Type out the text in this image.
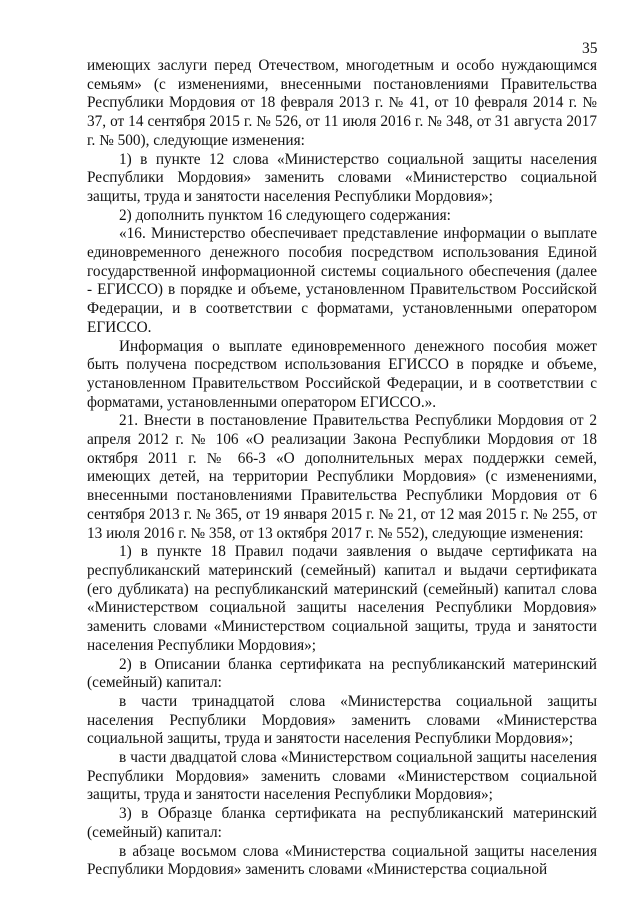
35

имеющих заслуги перед Отечеством, многодетным и особо нуждающимся семьям» (с изменениями, внесенными постановлениями Правительства Республики Мордовия от 18 февраля 2013 г. № 41, от 10 февраля 2014 г. № 37, от 14 сентября 2015 г. № 526, от 11 июля 2016 г. № 348, от 31 августа 2017 г. № 500), следующие изменения:

1) в пункте 12 слова «Министерство социальной защиты населения Республики Мордовия» заменить словами «Министерство социальной защиты, труда и занятости населения Республики Мордовия»;

2) дополнить пунктом 16 следующего содержания:

«16. Министерство обеспечивает представление информации о выплате единовременного денежного пособия посредством использования Единой государственной информационной системы социального обеспечения (далее - ЕГИССО) в порядке и объеме, установленном Правительством Российской Федерации, и в соответствии с форматами, установленными оператором ЕГИССО.

Информация о выплате единовременного денежного пособия может быть получена посредством использования ЕГИССО в порядке и объеме, установленном Правительством Российской Федерации, и в соответствии с форматами, установленными оператором ЕГИССО.».

21. Внести в постановление Правительства Республики Мордовия от 2 апреля 2012 г. № 106 «О реализации Закона Республики Мордовия от 18 октября 2011 г. № 66-З «О дополнительных мерах поддержки семей, имеющих детей, на территории Республики Мордовия» (с изменениями, внесенными постановлениями Правительства Республики Мордовия от 6 сентября 2013 г. № 365, от 19 января 2015 г. № 21, от 12 мая 2015 г. № 255, от 13 июля 2016 г. № 358, от 13 октября 2017 г. № 552), следующие изменения:

1) в пункте 18 Правил подачи заявления о выдаче сертификата на республиканский материнский (семейный) капитал и выдачи сертификата (его дубликата) на республиканский материнский (семейный) капитал слова «Министерством социальной защиты населения Республики Мордовия» заменить словами «Министерством социальной защиты, труда и занятости населения Республики Мордовия»;

2) в Описании бланка сертификата на республиканский материнский (семейный) капитал:

в части тринадцатой слова «Министерства социальной защиты населения Республики Мордовия» заменить словами «Министерства социальной защиты, труда и занятости населения Республики Мордовия»;

в части двадцатой слова «Министерством социальной защиты населения Республики Мордовия» заменить словами «Министерством социальной защиты, труда и занятости населения Республики Мордовия»;

3) в Образце бланка сертификата на республиканский материнский (семейный) капитал:

в абзаце восьмом слова «Министерства социальной защиты населения Республики Мордовия» заменить словами «Министерства социальной
